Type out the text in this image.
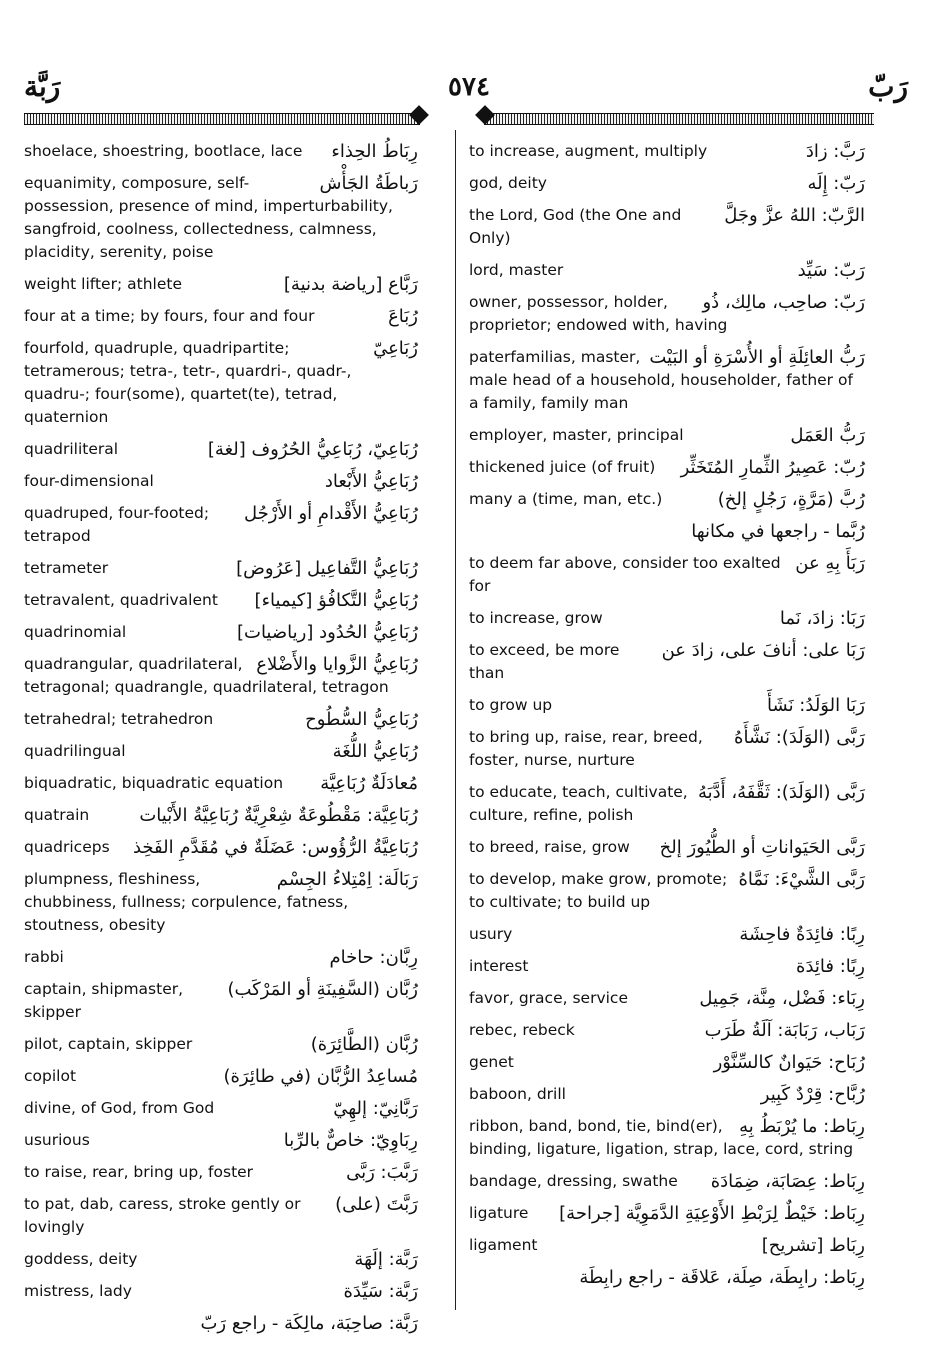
رَبَّة	٥٧٤	رَبّ
رِبَاطُ الحِذاء
shoelace, shoestring, bootlace, lace
رَباطَةُ الجَأْش
equanimity, composure, self-possession, presence of mind, imperturbability, sangfroid, coolness, collectedness, calmness, placidity, serenity, poise
رَبَّاع [رياضة بدنية]
weight lifter; athlete
رُبَاعَ
four at a time; by fours, four and four
رُبَاعِيّ
fourfold, quadruple, quadripartite; tetramerous; tetra-, tetr-, quardri-, quadr-, quadru-; four(some), quartet(te), tetrad, quaternion
رُبَاعِيّ، رُبَاعِيُّ الحُرُوف [لغة]
quadriliteral
رُبَاعِيُّ الأَبْعاد
four-dimensional
رُبَاعِيُّ الأَقْدامِ أو الأَرْجُل
quadruped, four-footed; tetrapod
رُبَاعِيُّ التَّفاعِيل [عَرُوض]
tetrameter
رُبَاعِيُّ التَّكافُؤ [كيمياء]
tetravalent, quadrivalent
رُبَاعِيُّ الحُدُود [رياضيات]
quadrinomial
رُبَاعِيُّ الزَّوايا والأَضْلاع
quadrangular, quadrilateral, tetragonal; quadrangle, quadrilateral, tetragon
رُبَاعِيُّ السُّطُوح
tetrahedral; tetrahedron
رُبَاعِيُّ اللُّغَة
quadrilingual
مُعادَلَةٌ رُبَاعِيَّة
biquadratic, biquadratic equation
رُبَاعِيَّة: مَقْطُوعَةٌ شِعْرِيَّةٌ رُبَاعِيَّةُ الأَبْيات
quatrain
رُبَاعِيَّةُ الرُّؤُوس: عَضَلَةٌ في مُقَدَّمِ الفَخِذ
quadriceps
رَبَالَة: اِمْتِلاءُ الجِسْم
plumpness, fleshiness, chubbiness, fullness; corpulence, fatness, stoutness, obesity
رِبَّان: حاخام
rabbi
رُبَّان (السَّفِينَةِ أو المَرْكَب)
captain, shipmaster, skipper
رُبَّان (الطَّائِرَة)
pilot, captain, skipper
مُساعِدُ الرُّبَّان (في طائِرَة)
copilot
رَبَّانِيّ: إلهِيّ
divine, of God, from God
رِبَاوِيّ: خاصٌّ بالرِّبا
usurious
رَبَّبَ: رَبَّى
to raise, rear, bring up, foster
رَبَّتَ (على)
to pat, dab, caress, stroke gently or lovingly
رَبَّة: إلَهَة
goddess, deity
رَبَّة: سَيِّدَة
mistress, lady
رَبَّة: صاحِبَة، مالِكَة - راجع رَبّ
رَبَّ: زادَ
to increase, augment, multiply
رَبّ: إِلَه
god, deity
الرَّبّ: اللهُ عزَّ وجَلَّ
the Lord, God (the One and Only)
رَبّ: سَيِّد
lord, master
رَبّ: صاحِب، مالِك، ذُو
owner, possessor, holder, proprietor; endowed with, having
رَبُّ العائِلَةِ أو الأُسْرَةِ أو البَيْت
paterfamilias, master, male head of a household, householder, father of a family, family man
رَبُّ العَمَل
employer, master, principal
رُبّ: عَصِيرُ الثِّمارِ المُتَخَثِّر
thickened juice (of fruit)
رُبَّ (مَرَّةٍ، رَجُلٍ إلخ)
many a (time, man, etc.)
رُبَّما - راجعها في مكانها
رَبَأَ بِهِ عن
to deem far above, consider too exalted for
رَبَا: زادَ، نَما
to increase, grow
رَبَا على: أنافَ على، زادَ عن
to exceed, be more than
رَبَا الوَلَدُ: نَشَأَ
to grow up
رَبَّى (الوَلَدَ): نَشَّأَهُ
to bring up, raise, rear, breed, foster, nurse, nurture
رَبَّى (الوَلَدَ): ثَقَّفَهُ، أَدَّبَهُ
to educate, teach, cultivate, culture, refine, polish
رَبَّى الحَيَواناتِ أو الطُّيُورَ إلخ
to breed, raise, grow
رَبَّى الشَّيْءَ: نَمَّاهُ
to develop, make grow, promote; to cultivate; to build up
رِبًا: فائِدَةٌ فاحِشَة
usury
رِبًا: فائِدَة
interest
رِبَاء: فَضْل، مِنَّة، جَمِيل
favor, grace, service
رَبَاب، رَبَابَة: آلَةُ طَرَب
rebec, rebeck
رُبَاح: حَيَوانٌ كالسِّنَّوْر
genet
رُبَّاح: قِرْدٌ كَبِير
baboon, drill
رِبَاط: ما يُرْبَطُ بِهِ
ribbon, band, bond, tie, bind(er), binding, ligature, ligation, strap, lace, cord, string
رِبَاط: عِصَابَة، ضِمَادَة
bandage, dressing, swathe
رِبَاط: خَيْطٌ لِرَبْطِ الأَوْعِيَةِ الدَّمَوِيَّة [جراحة]
ligature
رِبَاط [تشريح]
ligament
رِبَاط: رابِطَة، صِلَة، عَلاقَة - راجع رابِطَة
